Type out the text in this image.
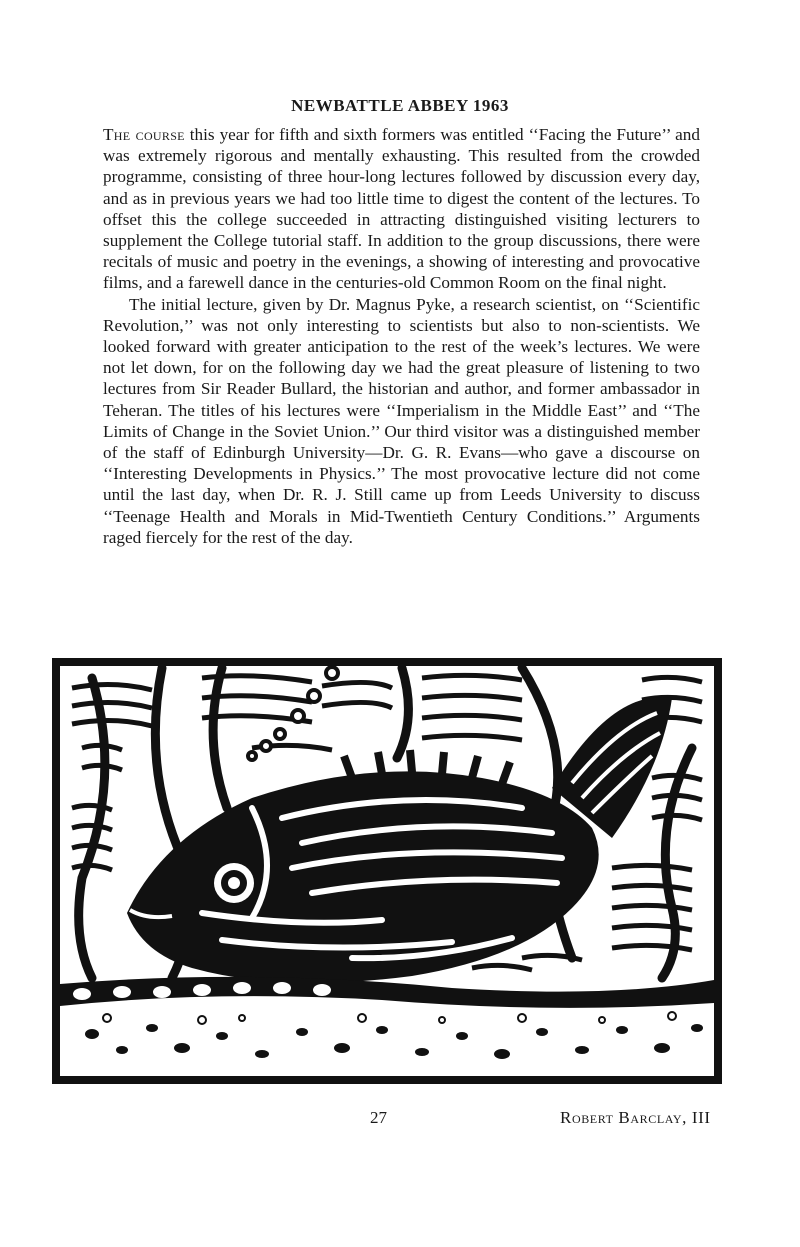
NEWBATTLE ABBEY 1963

The course this year for fifth and sixth formers was entitled ‘‘Facing the Future’’ and was extremely rigorous and mentally exhausting. This resulted from the crowded programme, consisting of three hour-long lectures followed by discussion every day, and as in previous years we had too little time to digest the content of the lectures. To offset this the college succeeded in attracting distinguished visiting lecturers to supplement the College tutorial staff. In addition to the group discussions, there were recitals of music and poetry in the evenings, a showing of interesting and provocative films, and a farewell dance in the centuries-old Common Room on the final night.

The initial lecture, given by Dr. Magnus Pyke, a research scientist, on ‘‘Scientific Revolution,’’ was not only interesting to scientists but also to non-scientists. We looked forward with greater anticipation to the rest of the week’s lectures. We were not let down, for on the following day we had the great pleasure of listening to two lectures from Sir Reader Bullard, the historian and author, and former ambassador in Teheran. The titles of his lectures were ‘‘Imperialism in the Middle East’’ and ‘‘The Limits of Change in the Soviet Union.’’ Our third visitor was a distinguished member of the staff of Edinburgh University—Dr. G. R. Evans—who gave a discourse on ‘‘Interesting Developments in Physics.’’ The most provocative lecture did not come until the last day, when Dr. R. J. Still came up from Leeds University to discuss ‘‘Teenage Health and Morals in Mid-Twentieth Century Conditions.’’ Arguments raged fiercely for the rest of the day.

27	Robert Barclay, III
